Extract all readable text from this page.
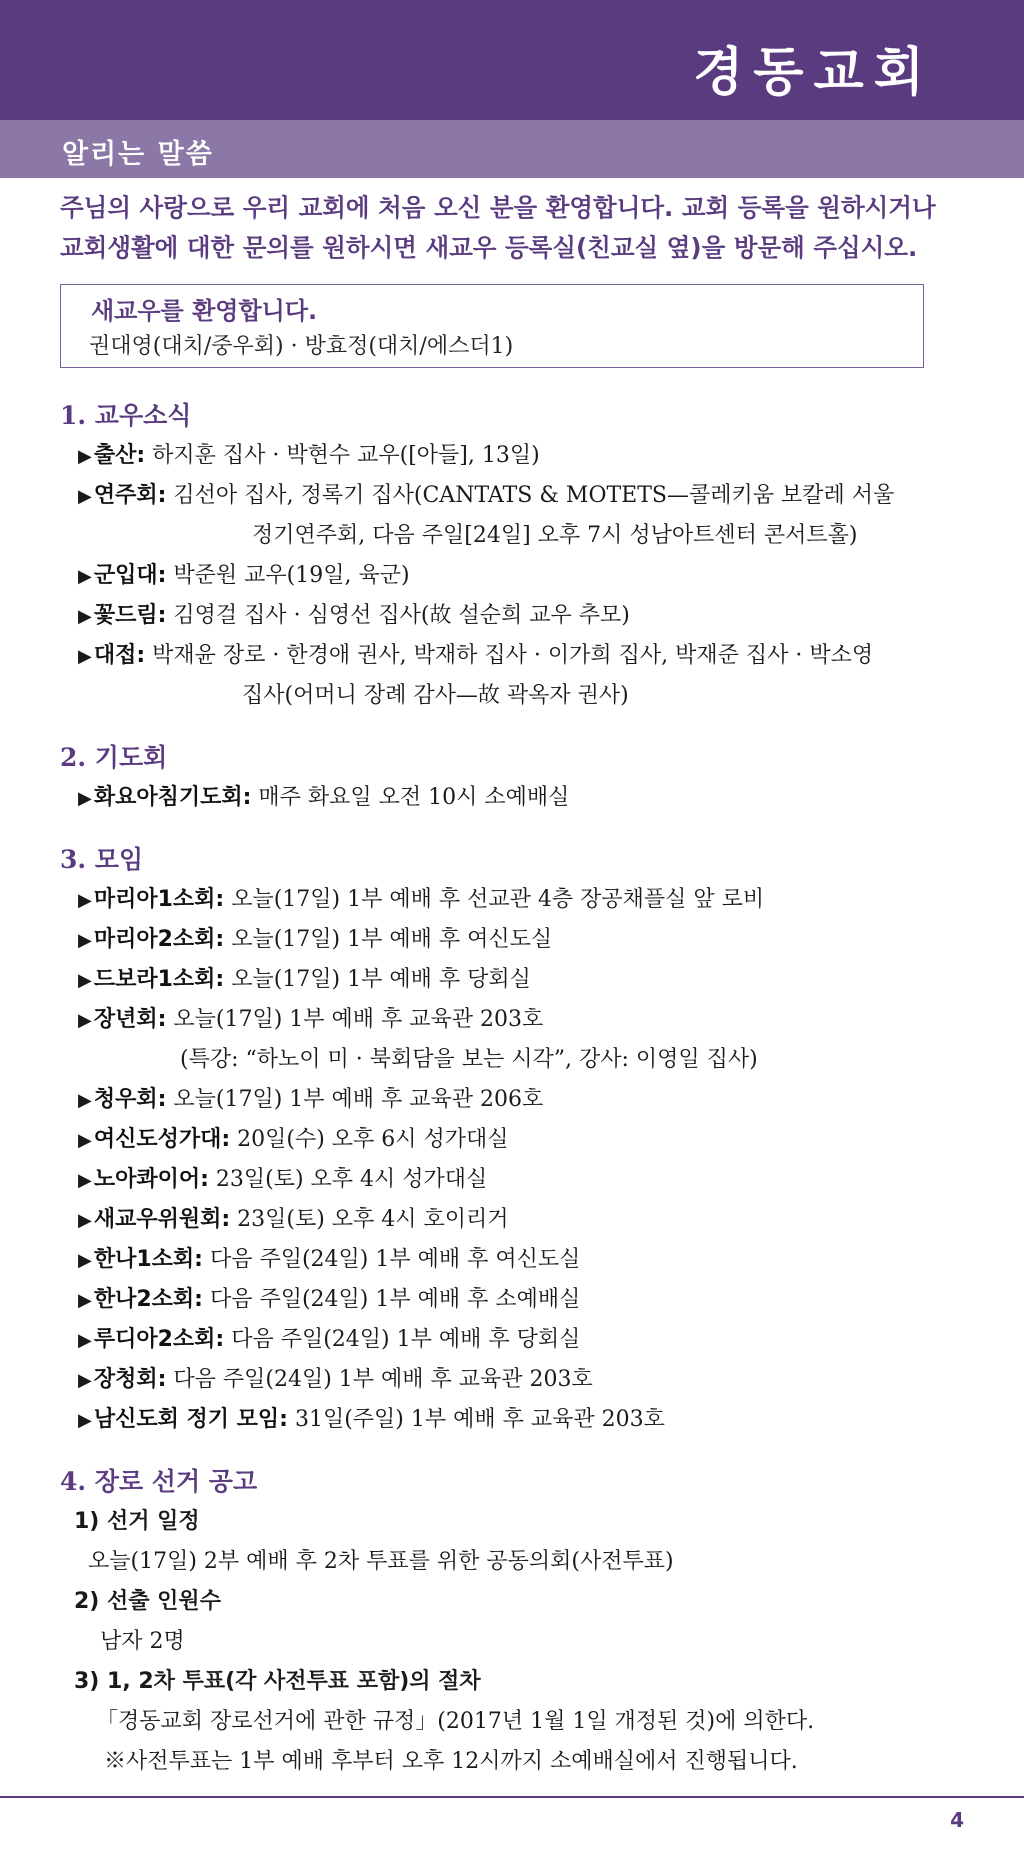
경동교회
알리는 말씀
주님의 사랑으로 우리 교회에 처음 오신 분을 환영합니다. 교회 등록을 원하시거나
교회생활에 대한 문의를 원하시면 새교우 등록실(친교실 옆)을 방문해 주십시오.
새교우를 환영합니다.
권대영(대치/중우회) · 방효정(대치/에스더1)
1. 교우소식
▶출산: 하지훈 집사 · 박현수 교우([아들], 13일)
▶연주회: 김선아 집사, 정록기 집사(CANTATS & MOTETS—콜레키움 보칼레 서울
정기연주회, 다음 주일[24일] 오후 7시 성남아트센터 콘서트홀)
▶군입대: 박준원 교우(19일, 육군)
▶꽃드림: 김영걸 집사 · 심영선 집사(故 설순희 교우 추모)
▶대접: 박재윤 장로 · 한경애 권사, 박재하 집사 · 이가희 집사, 박재준 집사 · 박소영
집사(어머니 장례 감사—故 곽옥자 권사)
2. 기도회
▶화요아침기도회: 매주 화요일 오전 10시 소예배실
3. 모임
▶마리아1소회: 오늘(17일) 1부 예배 후 선교관 4층 장공채플실 앞 로비
▶마리아2소회: 오늘(17일) 1부 예배 후 여신도실
▶드보라1소회: 오늘(17일) 1부 예배 후 당회실
▶장년회: 오늘(17일) 1부 예배 후 교육관 203호
(특강: “하노이 미 · 북회담을 보는 시각”, 강사: 이영일 집사)
▶청우회: 오늘(17일) 1부 예배 후 교육관 206호
▶여신도성가대: 20일(수) 오후 6시 성가대실
▶노아콰이어: 23일(토) 오후 4시 성가대실
▶새교우위원회: 23일(토) 오후 4시 호이리거
▶한나1소회: 다음 주일(24일) 1부 예배 후 여신도실
▶한나2소회: 다음 주일(24일) 1부 예배 후 소예배실
▶루디아2소회: 다음 주일(24일) 1부 예배 후 당회실
▶장청회: 다음 주일(24일) 1부 예배 후 교육관 203호
▶남신도회 정기 모임: 31일(주일) 1부 예배 후 교육관 203호
4. 장로 선거 공고
1) 선거 일정
오늘(17일) 2부 예배 후 2차 투표를 위한 공동의회(사전투표)
2) 선출 인원수
남자 2명
3) 1, 2차 투표(각 사전투표 포함)의 절차
「경동교회 장로선거에 관한 규정」(2017년 1월 1일 개정된 것)에 의한다.
※사전투표는 1부 예배 후부터 오후 12시까지 소예배실에서 진행됩니다.
4
